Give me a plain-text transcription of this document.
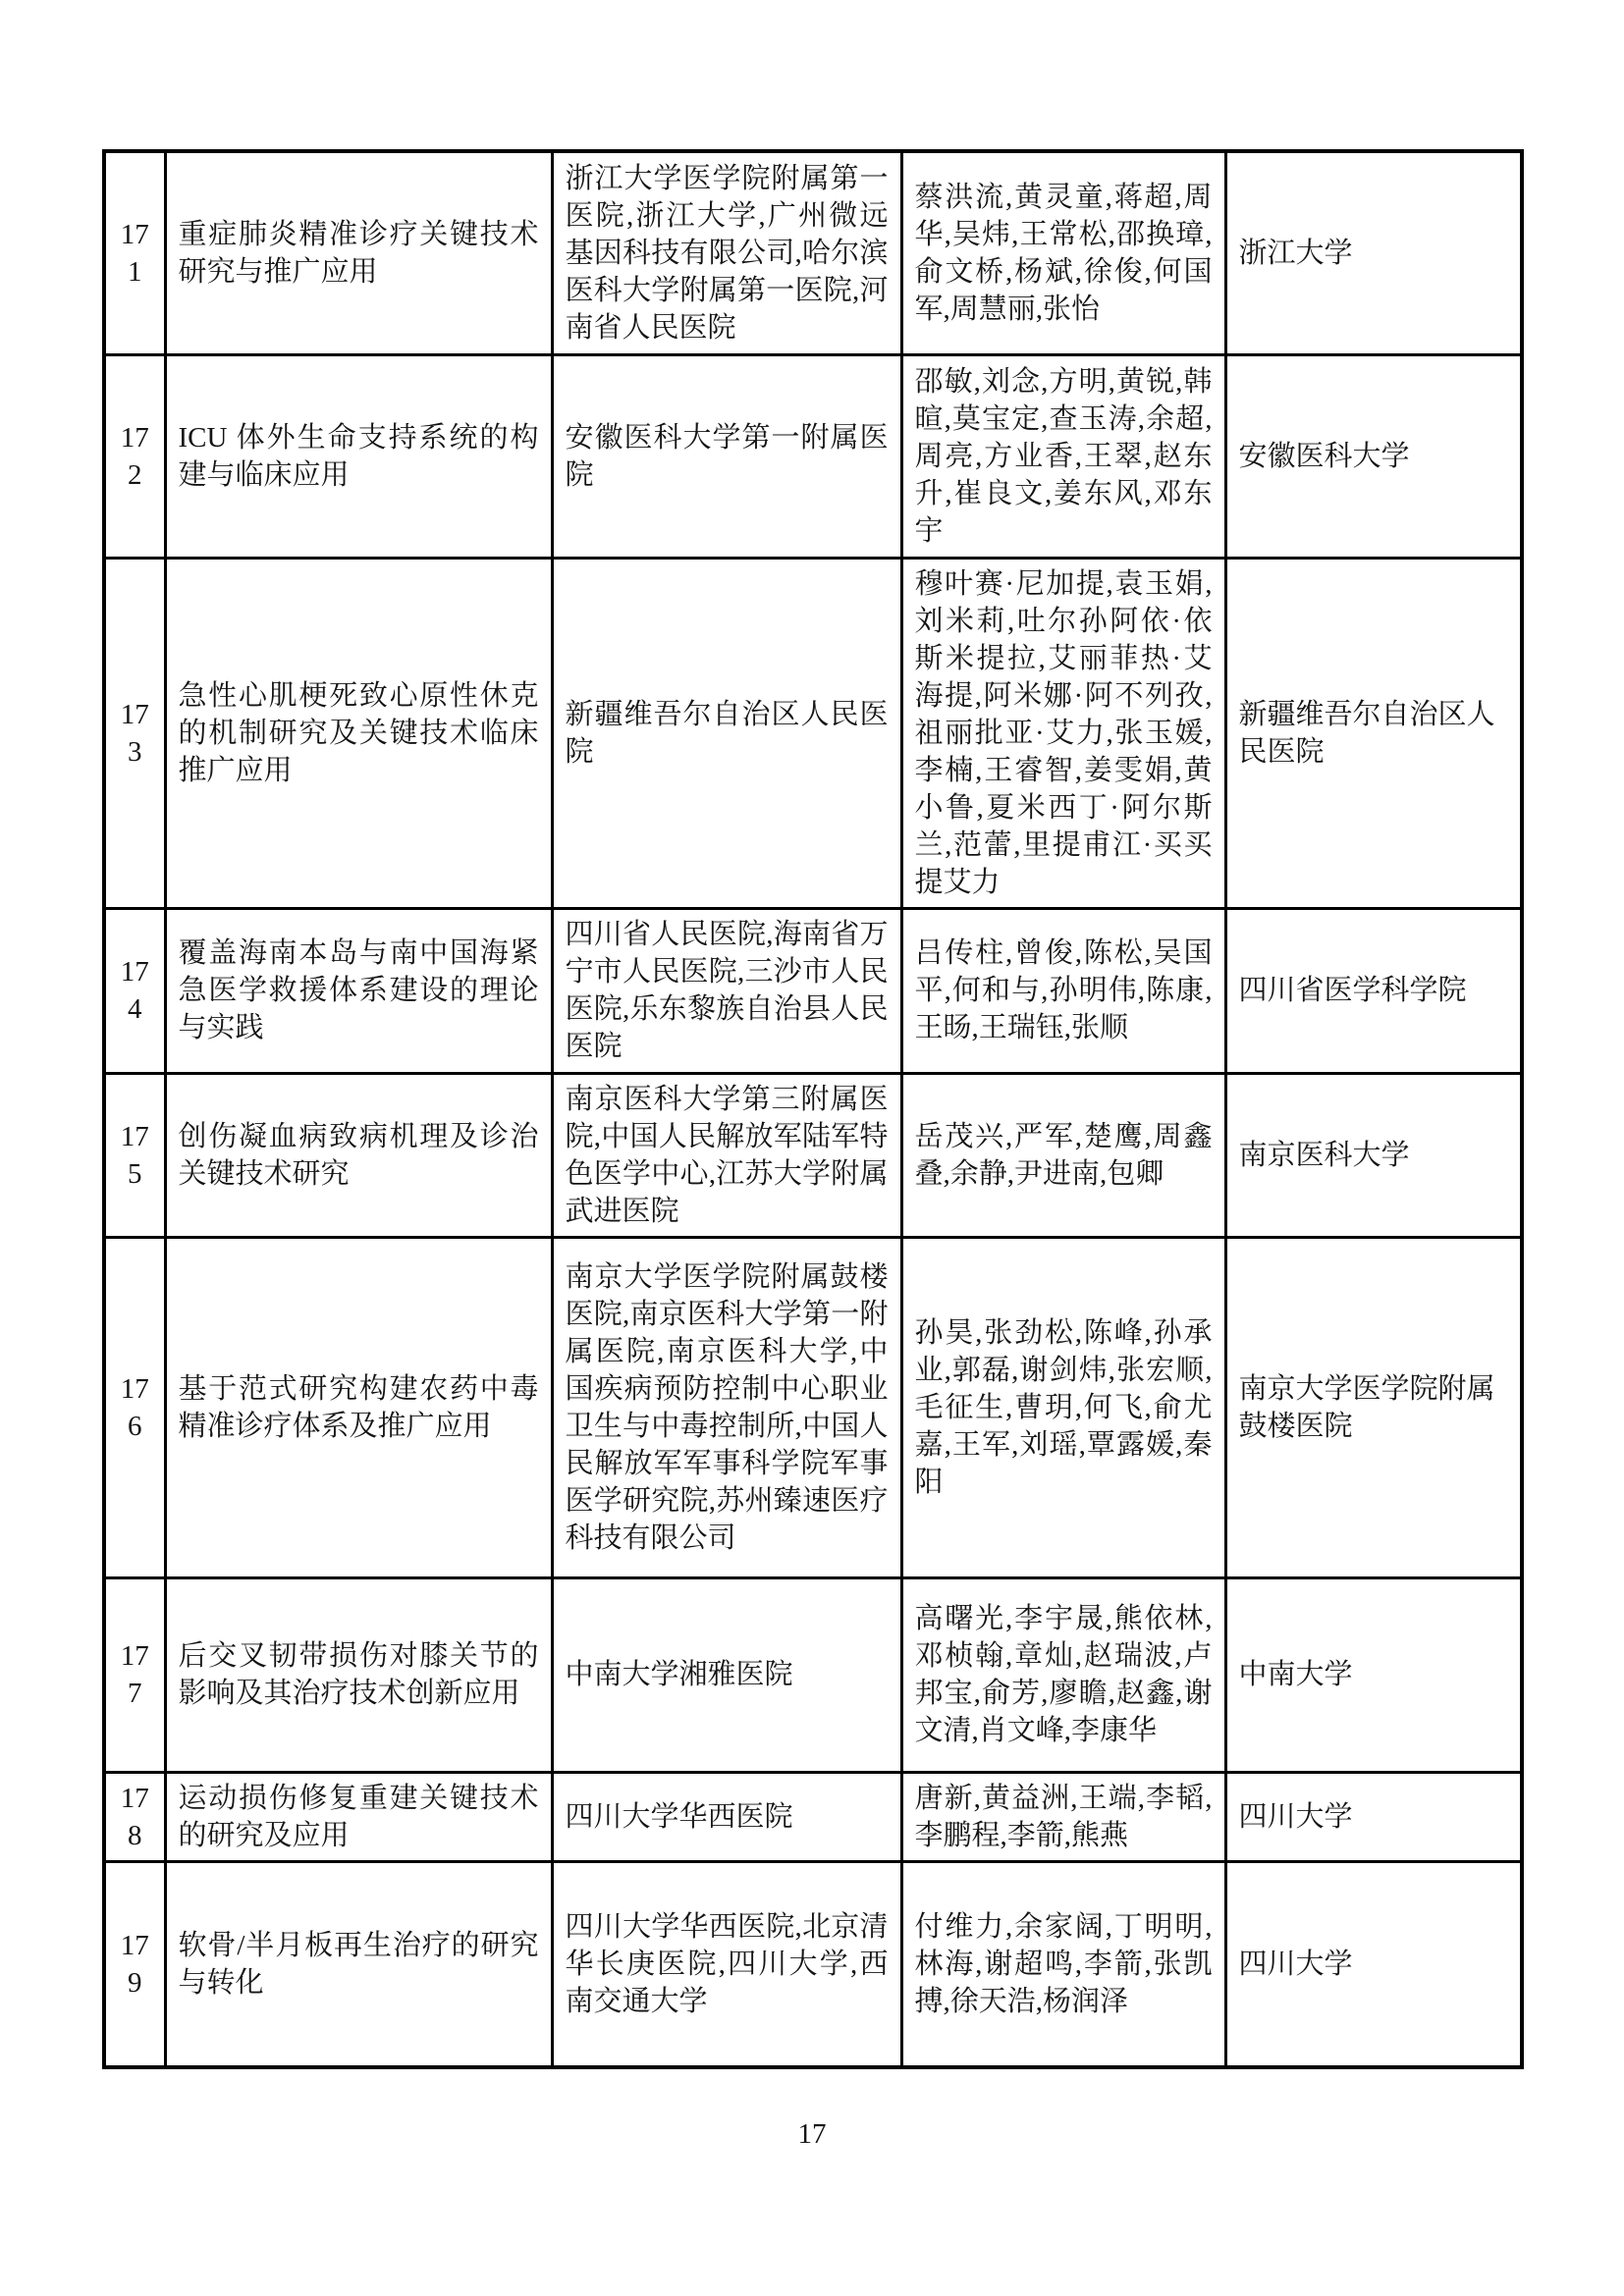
171	重症肺炎精准诊疗关键技术研究与推广应用	浙江大学医学院附属第一医院,浙江大学,广州微远基因科技有限公司,哈尔滨医科大学附属第一医院,河南省人民医院	蔡洪流,黄灵童,蒋超,周华,吴炜,王常松,邵换璋,俞文桥,杨斌,徐俊,何国军,周慧丽,张怡	浙江大学
172	ICU 体外生命支持系统的构建与临床应用	安徽医科大学第一附属医院	邵敏,刘念,方明,黄锐,韩暄,莫宝定,查玉涛,余超,周亮,方业香,王翠,赵东升,崔良文,姜东风,邓东宇	安徽医科大学
173	急性心肌梗死致心原性休克的机制研究及关键技术临床推广应用	新疆维吾尔自治区人民医院	穆叶赛·尼加提,袁玉娟,刘米莉,吐尔孙阿依·依斯米提拉,艾丽菲热·艾海提,阿米娜·阿不列孜,祖丽批亚·艾力,张玉媛,李楠,王睿智,姜雯娟,黄小鲁,夏米西丁·阿尔斯兰,范蕾,里提甫江·买买提艾力	新疆维吾尔自治区人民医院
174	覆盖海南本岛与南中国海紧急医学救援体系建设的理论与实践	四川省人民医院,海南省万宁市人民医院,三沙市人民医院,乐东黎族自治县人民医院	吕传柱,曾俊,陈松,吴国平,何和与,孙明伟,陈康,王旸,王瑞钰,张顺	四川省医学科学院
175	创伤凝血病致病机理及诊治关键技术研究	南京医科大学第三附属医院,中国人民解放军陆军特色医学中心,江苏大学附属武进医院	岳茂兴,严军,楚鹰,周鑫叠,余静,尹进南,包卿	南京医科大学
176	基于范式研究构建农药中毒精准诊疗体系及推广应用	南京大学医学院附属鼓楼医院,南京医科大学第一附属医院,南京医科大学,中国疾病预防控制中心职业卫生与中毒控制所,中国人民解放军军事科学院军事医学研究院,苏州臻速医疗科技有限公司	孙昊,张劲松,陈峰,孙承业,郭磊,谢剑炜,张宏顺,毛征生,曹玥,何飞,俞尤嘉,王军,刘瑶,覃露媛,秦阳	南京大学医学院附属鼓楼医院
177	后交叉韧带损伤对膝关节的影响及其治疗技术创新应用	中南大学湘雅医院	高曙光,李宇晟,熊依林,邓桢翰,章灿,赵瑞波,卢邦宝,俞芳,廖瞻,赵鑫,谢文清,肖文峰,李康华	中南大学
178	运动损伤修复重建关键技术的研究及应用	四川大学华西医院	唐新,黄益洲,王端,李韬,李鹏程,李箭,熊燕	四川大学
179	软骨/半月板再生治疗的研究与转化	四川大学华西医院,北京清华长庚医院,四川大学,西南交通大学	付维力,余家阔,丁明明,林海,谢超鸣,李箭,张凯搏,徐天浩,杨润泽	四川大学
17
